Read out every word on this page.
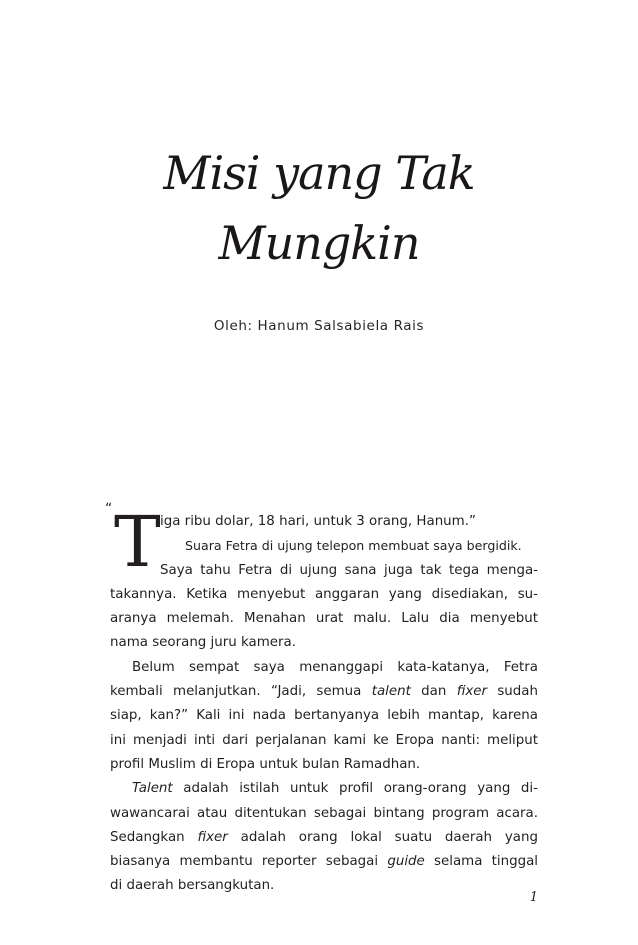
Misi yang Tak
Mungkin
Oleh: Hanum Salsabiela Rais
“ T iga ribu dolar, 18 hari, untuk 3 orang, Hanum.”
Suara Fetra di ujung telepon membuat saya bergidik.
Saya tahu Fetra di ujung sana juga tak tega menga-
takannya. Ketika menyebut anggaran yang disediakan, su-
aranya melemah. Menahan urat malu. Lalu dia menyebut
nama seorang juru kamera.
Belum sempat saya menanggapi kata-katanya, Fetra
kembali melanjutkan. “Jadi, semua talent dan fixer sudah
siap, kan?” Kali ini nada bertanyanya lebih mantap, karena
ini menjadi inti dari perjalanan kami ke Eropa nanti: meliput
profil Muslim di Eropa untuk bulan Ramadhan.
Talent adalah istilah untuk profil orang-orang yang di-
wawancarai atau ditentukan sebagai bintang program acara.
Sedangkan fixer adalah orang lokal suatu daerah yang
biasanya membantu reporter sebagai guide selama tinggal
di daerah bersangkutan.
1
